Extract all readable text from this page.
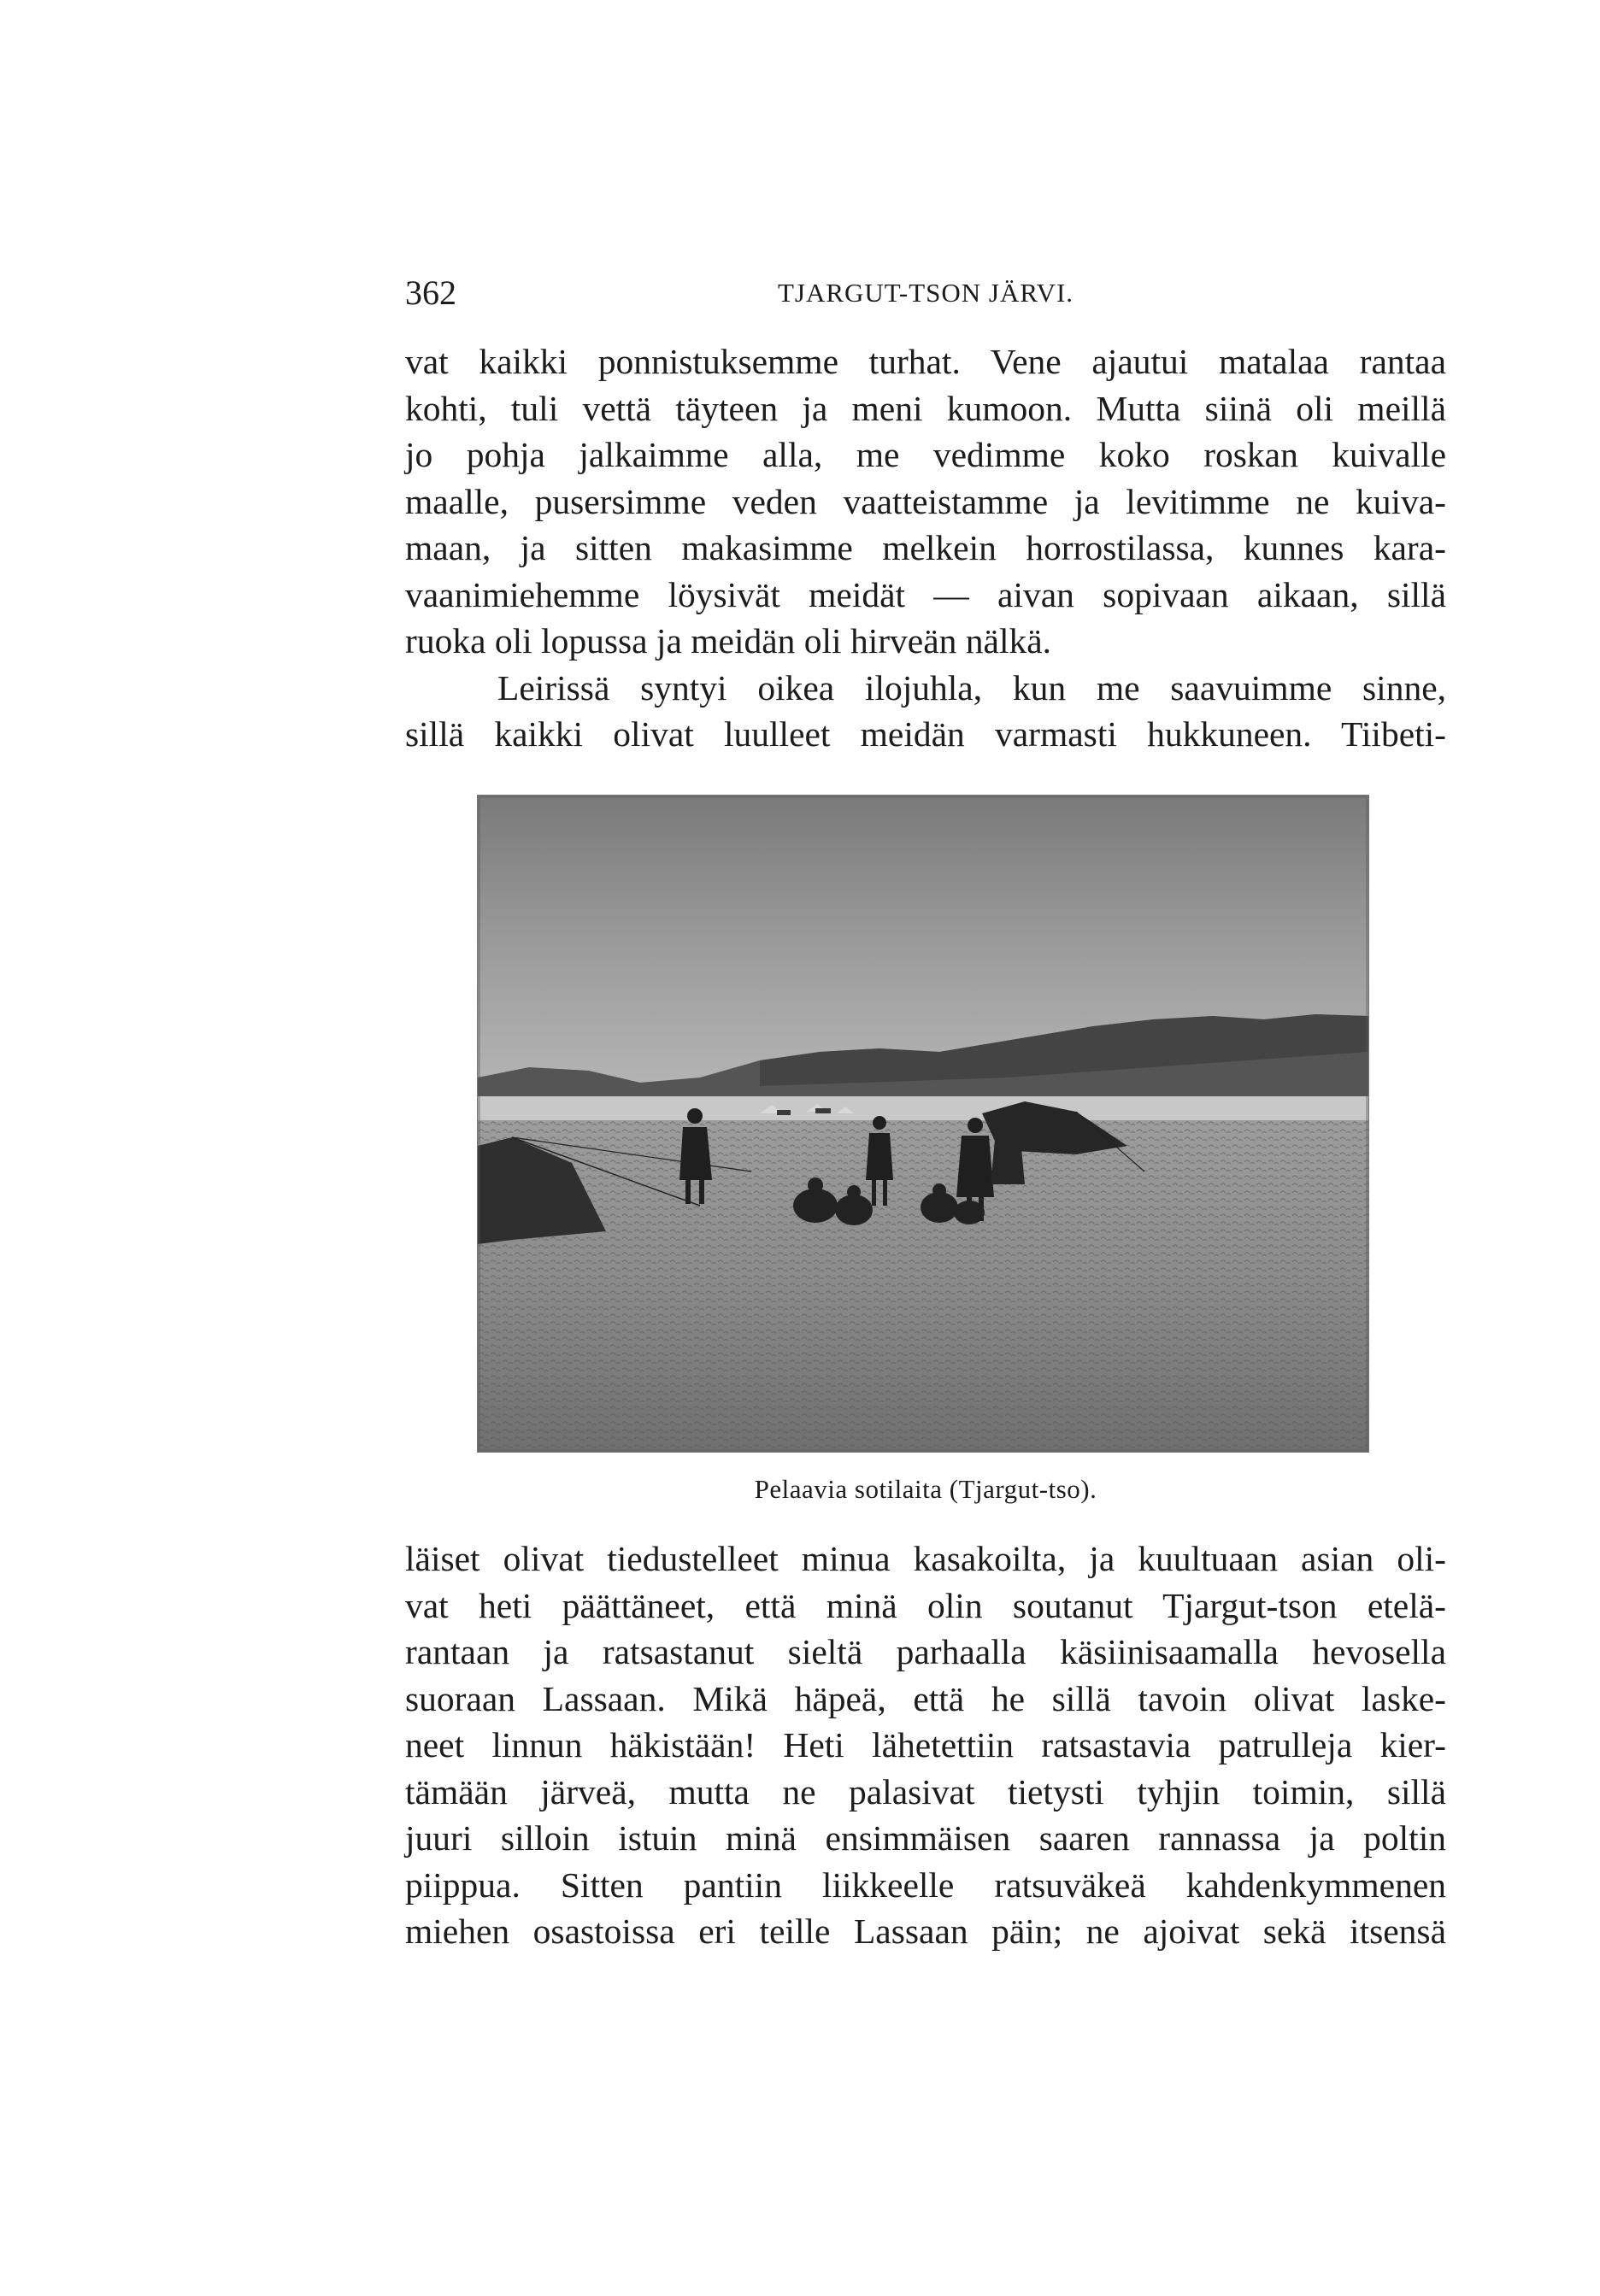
362	TJARGUT-TSON JÄRVI.
vat kaikki ponnistuksemme turhat. Vene ajautui matalaa rantaa
kohti, tuli vettä täyteen ja meni kumoon. Mutta siinä oli meillä
jo pohja jalkaimme alla, me vedimme koko roskan kuivalle
maalle, pusersimme veden vaatteistamme ja levitimme ne kuiva-
maan, ja sitten makasimme melkein horrostilassa, kunnes kara-
vaanimiehemme löysivät meidät — aivan sopivaan aikaan, sillä
ruoka oli lopussa ja meidän oli hirveän nälkä.
Leirissä syntyi oikea ilojuhla, kun me saavuimme sinne,
sillä kaikki olivat luulleet meidän varmasti hukkuneen. Tiibeti-
Pelaavia sotilaita (Tjargut-tso).
läiset olivat tiedustelleet minua kasakoilta, ja kuultuaan asian oli-
vat heti päättäneet, että minä olin soutanut Tjargut-tson etelä-
rantaan ja ratsastanut sieltä parhaalla käsiinisaamalla hevosella
suoraan Lassaan. Mikä häpeä, että he sillä tavoin olivat laske-
neet linnun häkistään! Heti lähetettiin ratsastavia patrulleja kier-
tämään järveä, mutta ne palasivat tietysti tyhjin toimin, sillä
juuri silloin istuin minä ensimmäisen saaren rannassa ja poltin
piippua. Sitten pantiin liikkeelle ratsuväkeä kahdenkymmenen
miehen osastoissa eri teille Lassaan päin; ne ajoivat sekä itsensä
